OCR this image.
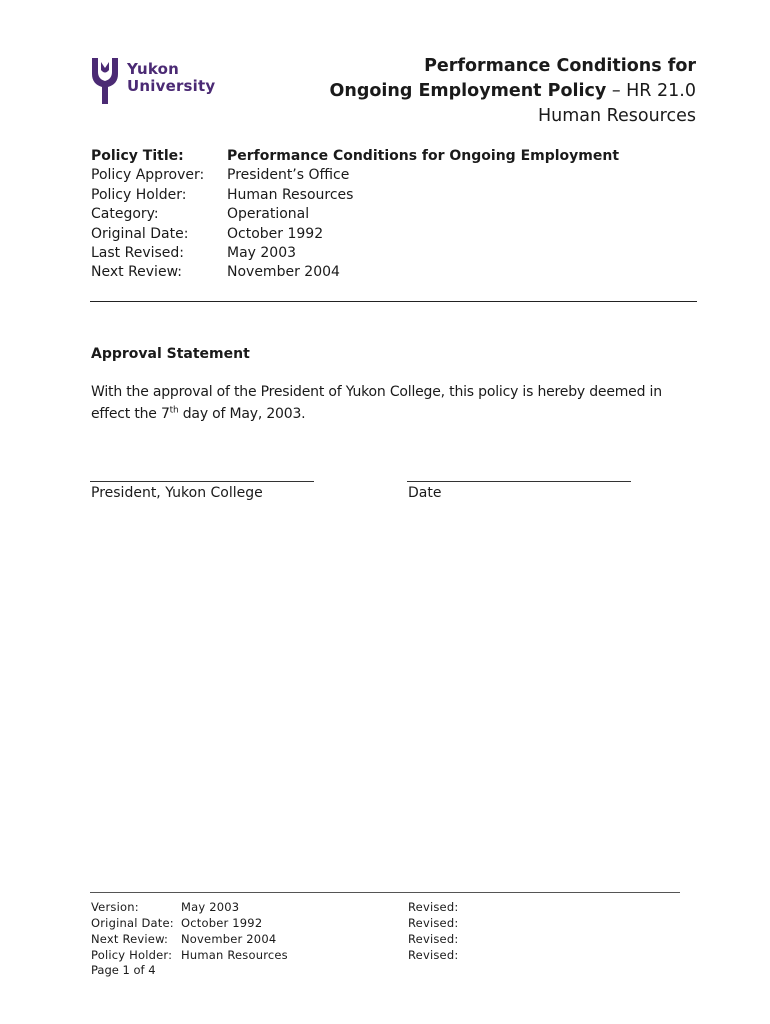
Yukon
University
Performance Conditions for
Ongoing Employment Policy – HR 21.0
Human Resources
Policy Title:	Performance Conditions for Ongoing Employment
Policy Approver:	President’s Office
Policy Holder:	Human Resources
Category:	Operational
Original Date:	October 1992
Last Revised:	May 2003
Next Review:	November 2004
Approval Statement
With the approval of the President of Yukon College, this policy is hereby deemed in effect the 7th day of May, 2003.
President, Yukon College	Date
Version:	May 2003	Revised:
Original Date: October 1992	Revised:
Next Review:	November 2004	Revised:
Policy Holder: Human Resources	Revised:
Page 1 of 4
